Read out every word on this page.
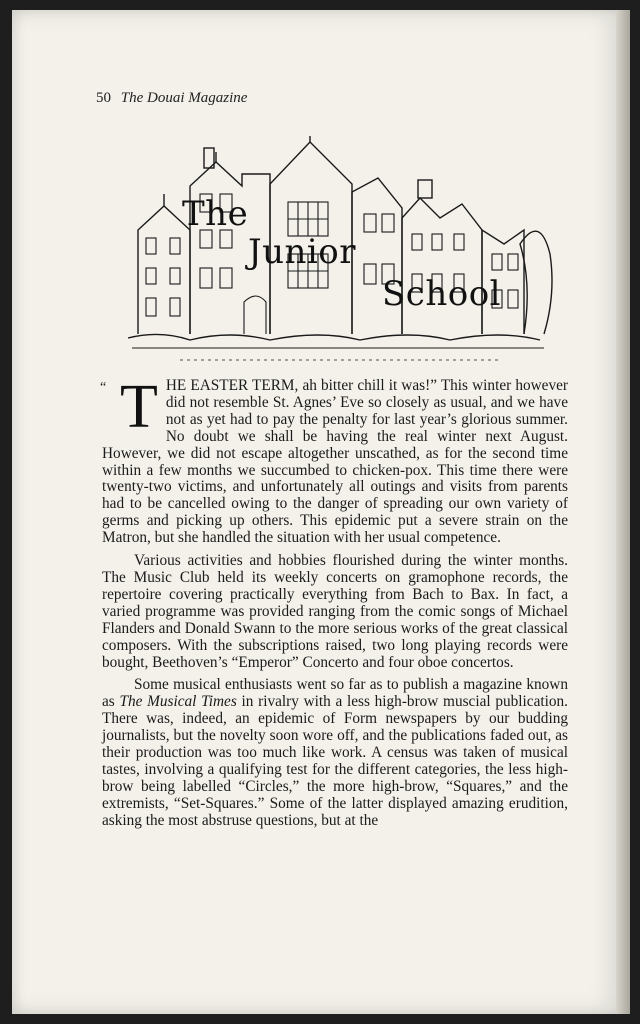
50 The Douai Magazine
The
Junior
School

“ T HE EASTER TERM, ah bitter chill it was!” This winter however did not resemble St. Agnes’ Eve so closely as usual, and we have not as yet had to pay the penalty for last year’s glorious summer. No doubt we shall be having the real winter next August. However, we did not escape altogether unscathed, as for the second time within a few months we succumbed to chicken-pox. This time there were twenty-two victims, and unfortunately all outings and visits from parents had to be cancelled owing to the danger of spreading our own variety of germs and picking up others. This epidemic put a severe strain on the Matron, but she handled the situation with her usual competence.

Various activities and hobbies flourished during the winter months. The Music Club held its weekly concerts on gramophone records, the repertoire covering practically everything from Bach to Bax. In fact, a varied programme was provided ranging from the comic songs of Michael Flanders and Donald Swann to the more serious works of the great classical composers. With the subscriptions raised, two long playing records were bought, Beethoven’s “Emperor” Concerto and four oboe concertos.

Some musical enthusiasts went so far as to publish a magazine known as The Musical Times in rivalry with a less high-brow muscial publication. There was, indeed, an epidemic of Form newspapers by our budding journalists, but the novelty soon wore off, and the publications faded out, as their production was too much like work. A census was taken of musical tastes, involving a qualifying test for the different categories, the less high-brow being labelled “Circles,” the more high-brow, “Squares,” and the extremists, “Set-Squares.” Some of the latter displayed amazing erudition, asking the most abstruse questions, but at the
